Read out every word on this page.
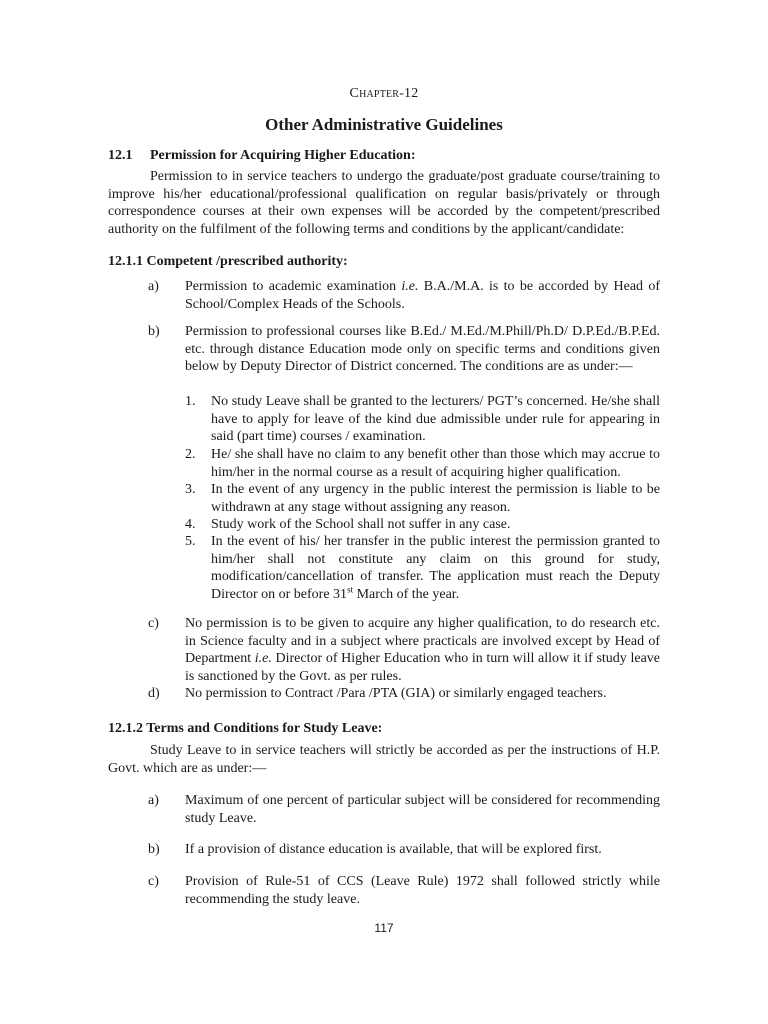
Chapter-12
Other Administrative Guidelines
12.1 Permission for Acquiring Higher Education:
Permission to in service teachers to undergo the graduate/post graduate course/training to improve his/her educational/professional qualification on regular basis/privately or through correspondence courses at their own expenses will be accorded by the competent/prescribed authority on the fulfilment of the following terms and conditions by the applicant/candidate:
12.1.1 Competent /prescribed authority:
a) Permission to academic examination i.e. B.A./M.A. is to be accorded by Head of School/Complex Heads of the Schools.
b) Permission to professional courses like B.Ed./ M.Ed./M.Phill/Ph.D/ D.P.Ed./B.P.Ed. etc. through distance Education mode only on specific terms and conditions given below by Deputy Director of District concerned. The conditions are as under:—
1. No study Leave shall be granted to the lecturers/ PGT’s concerned. He/she shall have to apply for leave of the kind due admissible under rule for appearing in said (part time) courses / examination.
2. He/ she shall have no claim to any benefit other than those which may accrue to him/her in the normal course as a result of acquiring higher qualification.
3. In the event of any urgency in the public interest the permission is liable to be withdrawn at any stage without assigning any reason.
4. Study work of the School shall not suffer in any case.
5. In the event of his/ her transfer in the public interest the permission granted to him/her shall not constitute any claim on this ground for study, modification/cancellation of transfer. The application must reach the Deputy Director on or before 31st March of the year.
c) No permission is to be given to acquire any higher qualification, to do research etc. in Science faculty and in a subject where practicals are involved except by Head of Department i.e. Director of Higher Education who in turn will allow it if study leave is sanctioned by the Govt. as per rules.
d) No permission to Contract /Para /PTA (GIA) or similarly engaged teachers.
12.1.2 Terms and Conditions for Study Leave:
Study Leave to in service teachers will strictly be accorded as per the instructions of H.P. Govt. which are as under:—
a) Maximum of one percent of particular subject will be considered for recommending study Leave.
b) If a provision of distance education is available, that will be explored first.
c) Provision of Rule-51 of CCS (Leave Rule) 1972 shall followed strictly while recommending the study leave.
117
